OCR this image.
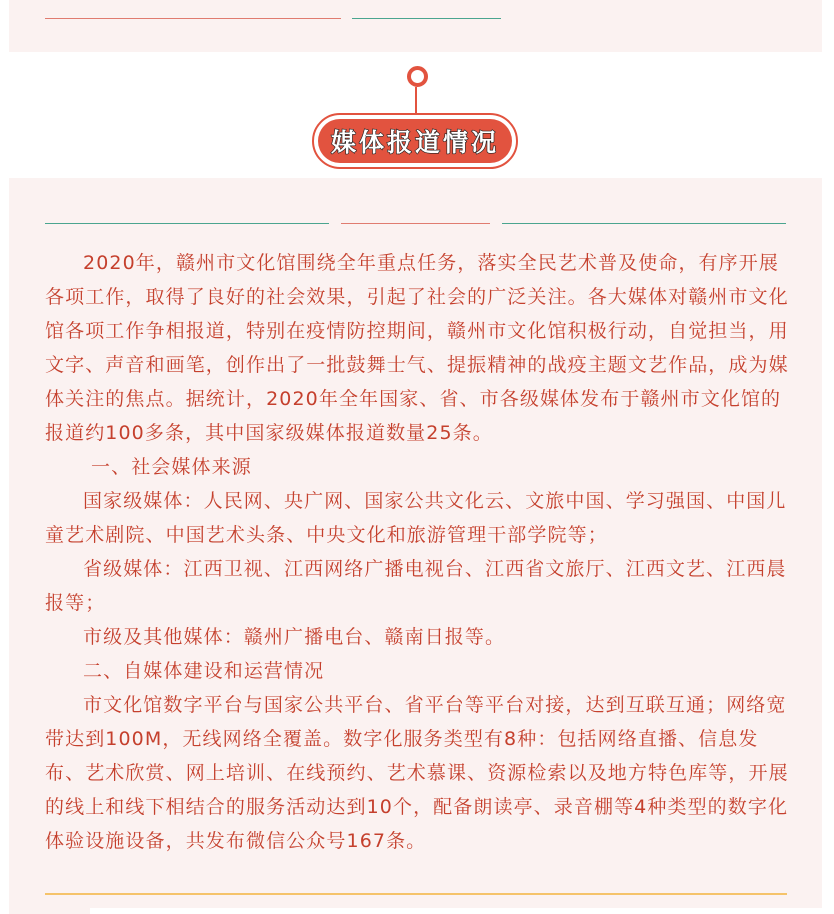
媒体报道情况

2020年，赣州市文化馆围绕全年重点任务，落实全民艺术普及使命，有序开展各项工作，取得了良好的社会效果，引起了社会的广泛关注。各大媒体对赣州市文化馆各项工作争相报道，特别在疫情防控期间，赣州市文化馆积极行动，自觉担当，用文字、声音和画笔，创作出了一批鼓舞士气、提振精神的战疫主题文艺作品，成为媒体关注的焦点。据统计，2020年全年国家、省、市各级媒体发布于赣州市文化馆的报道约100多条，其中国家级媒体报道数量25条。

一、社会媒体来源

国家级媒体：人民网、央广网、国家公共文化云、文旅中国、学习强国、中国儿童艺术剧院、中国艺术头条、中央文化和旅游管理干部学院等；

省级媒体：江西卫视、江西网络广播电视台、江西省文旅厅、江西文艺、江西晨报等；

市级及其他媒体：赣州广播电台、赣南日报等。

二、自媒体建设和运营情况

市文化馆数字平台与国家公共平台、省平台等平台对接，达到互联互通；网络宽带达到100M，无线网络全覆盖。数字化服务类型有8种：包括网络直播、信息发布、艺术欣赏、网上培训、在线预约、艺术慕课、资源检索以及地方特色库等，开展的线上和线下相结合的服务活动达到10个，配备朗读亭、录音棚等4种类型的数字化体验设施设备，共发布微信公众号167条。
